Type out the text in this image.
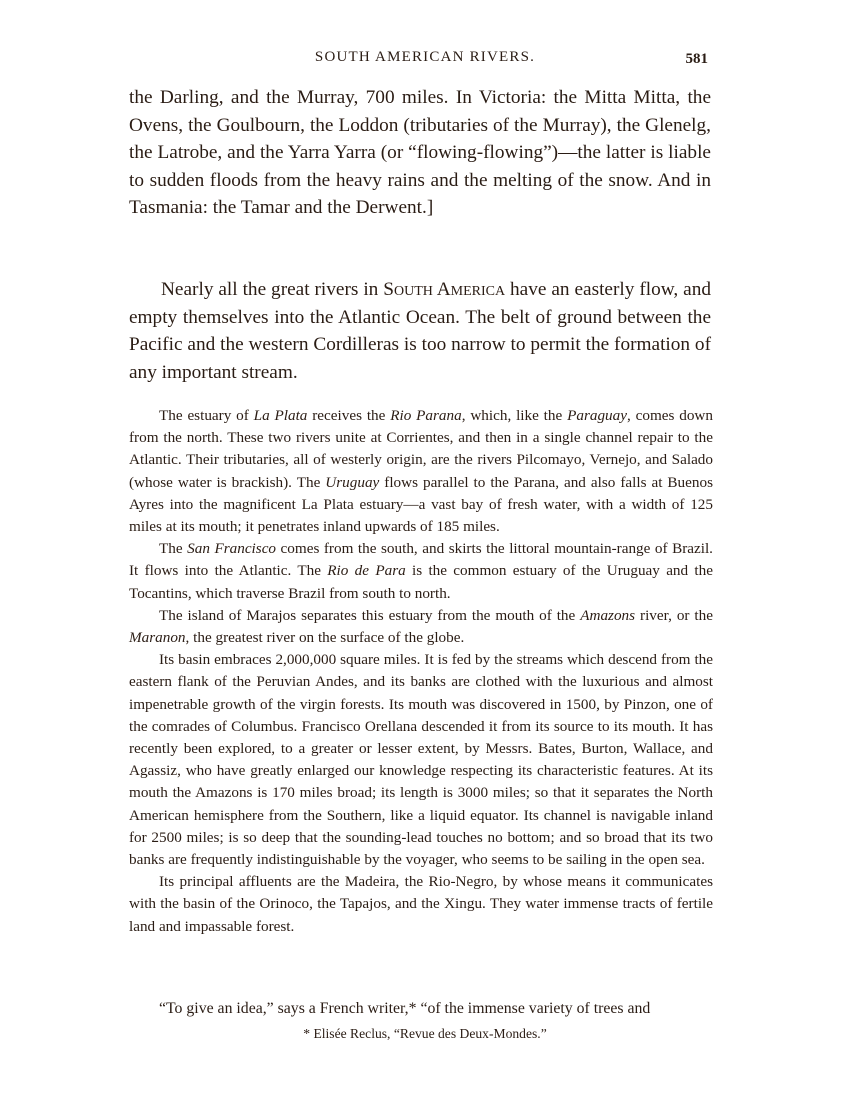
SOUTH AMERICAN RIVERS.	581

the Darling, and the Murray, 700 miles. In Victoria: the Mitta Mitta, the Ovens, the Goulbourn, the Loddon (tributaries of the Murray), the Glenelg, the Latrobe, and the Yarra Yarra (or “flowing-flowing”)—the latter is liable to sudden floods from the heavy rains and the melting of the snow. And in Tasmania: the Tamar and the Derwent.]

Nearly all the great rivers in South America have an easterly flow, and empty themselves into the Atlantic Ocean. The belt of ground between the Pacific and the western Cordilleras is too narrow to permit the formation of any important stream.

The estuary of La Plata receives the Rio Parana, which, like the Paraguay, comes down from the north. These two rivers unite at Corrientes, and then in a single channel repair to the Atlantic. Their tributaries, all of westerly origin, are the rivers Pilcomayo, Vernejo, and Salado (whose water is brackish). The Uruguay flows parallel to the Parana, and also falls at Buenos Ayres into the magnificent La Plata estuary—a vast bay of fresh water, with a width of 125 miles at its mouth; it penetrates inland upwards of 185 miles.

The San Francisco comes from the south, and skirts the littoral mountain-range of Brazil. It flows into the Atlantic. The Rio de Para is the common estuary of the Uruguay and the Tocantins, which traverse Brazil from south to north.

The island of Marajos separates this estuary from the mouth of the Amazons river, or the Maranon, the greatest river on the surface of the globe.

Its basin embraces 2,000,000 square miles. It is fed by the streams which descend from the eastern flank of the Peruvian Andes, and its banks are clothed with the luxurious and almost impenetrable growth of the virgin forests. Its mouth was discovered in 1500, by Pinzon, one of the comrades of Columbus. Francisco Orellana descended it from its source to its mouth. It has recently been explored, to a greater or lesser extent, by Messrs. Bates, Burton, Wallace, and Agassiz, who have greatly enlarged our knowledge respecting its characteristic features. At its mouth the Amazons is 170 miles broad; its length is 3000 miles; so that it separates the North American hemisphere from the Southern, like a liquid equator. Its channel is navigable inland for 2500 miles; is so deep that the sounding-lead touches no bottom; and so broad that its two banks are frequently indistinguishable by the voyager, who seems to be sailing in the open sea.

Its principal affluents are the Madeira, the Rio-Negro, by whose means it communicates with the basin of the Orinoco, the Tapajos, and the Xingu. They water immense tracts of fertile land and impassable forest.

“To give an idea,” says a French writer,* “of the immense variety of trees and

* Elisée Reclus, “Revue des Deux-Mondes.”
